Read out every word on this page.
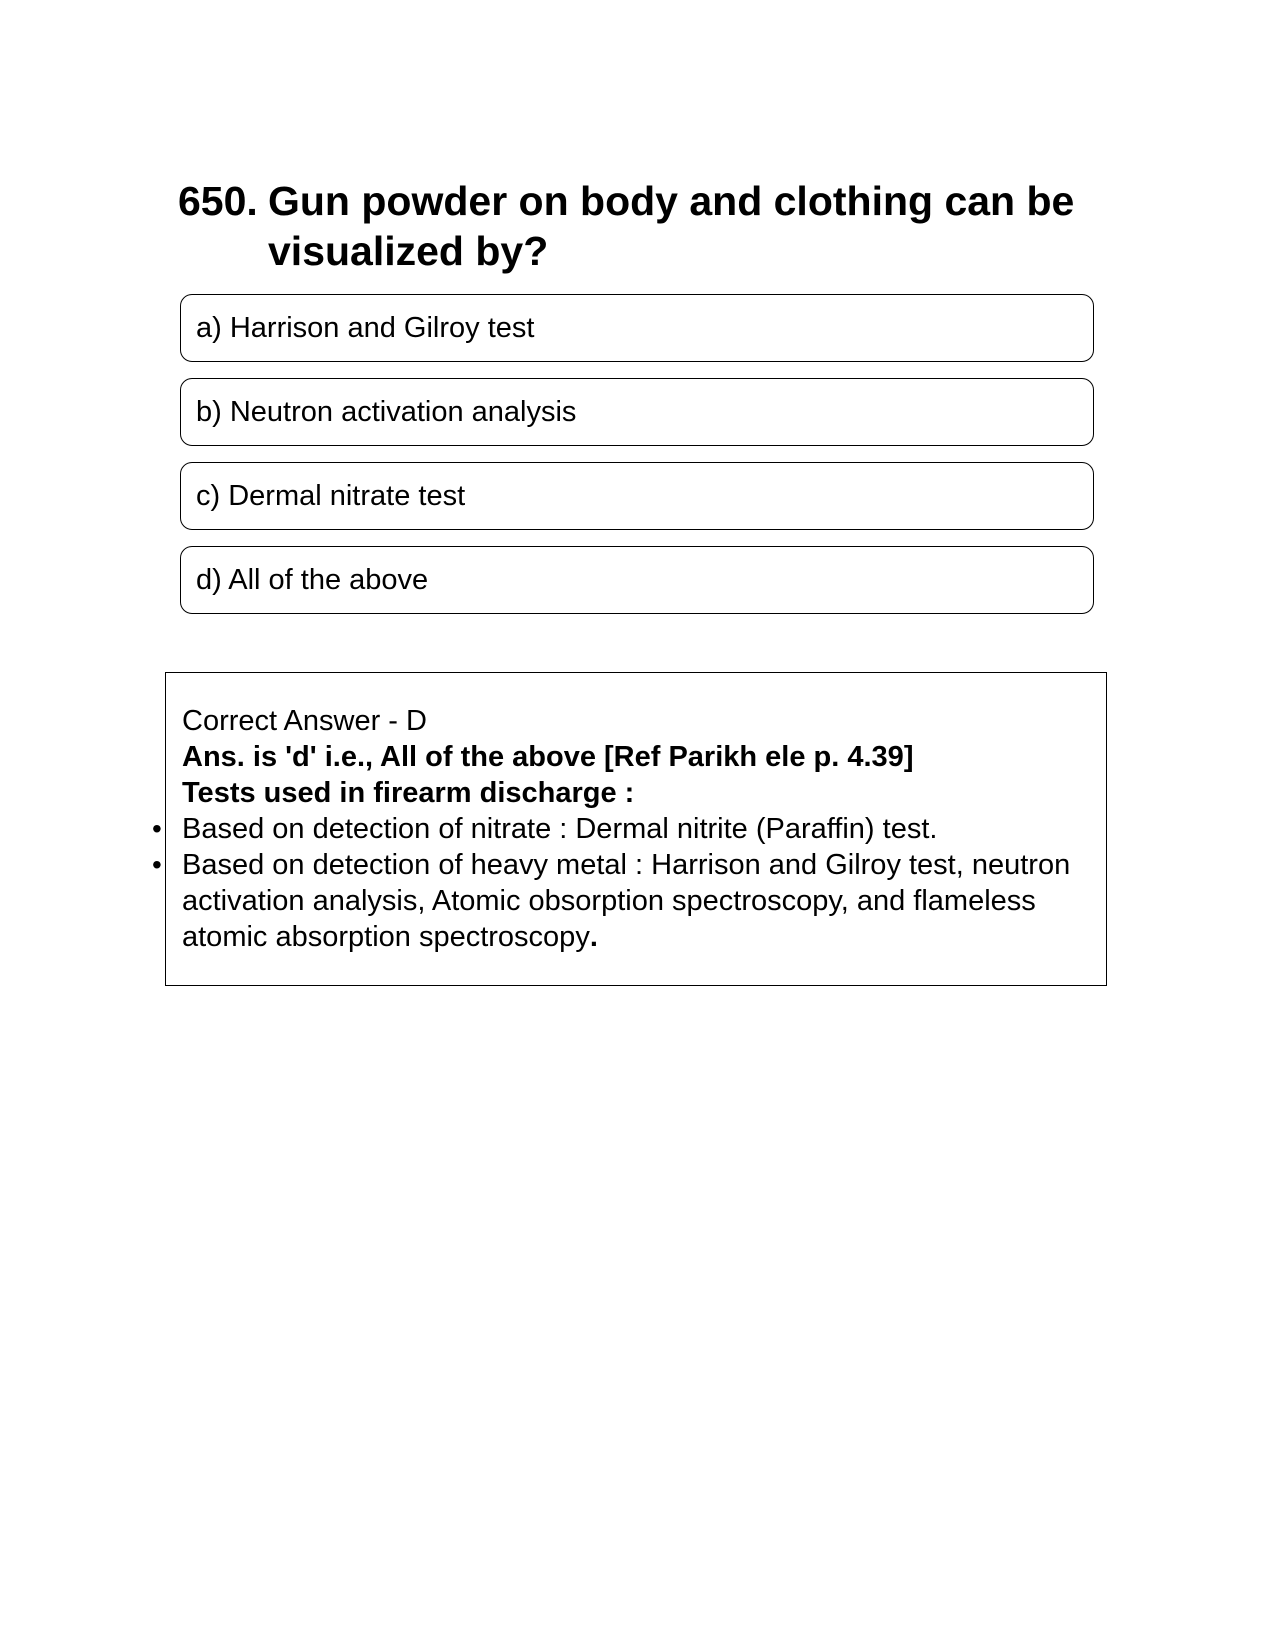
650. Gun powder on body and clothing can be visualized by?
a) Harrison and Gilroy test
b) Neutron activation analysis
c) Dermal nitrate test
d) All of the above
Correct Answer - D
Ans. is 'd' i.e., All of the above [Ref Parikh ele p. 4.39]
Tests used in firearm discharge :
• Based on detection of nitrate : Dermal nitrite (Paraffin) test.
• Based on detection of heavy metal : Harrison and Gilroy test, neutron activation analysis, Atomic obsorption spectroscopy, and flameless atomic absorption spectroscopy.
